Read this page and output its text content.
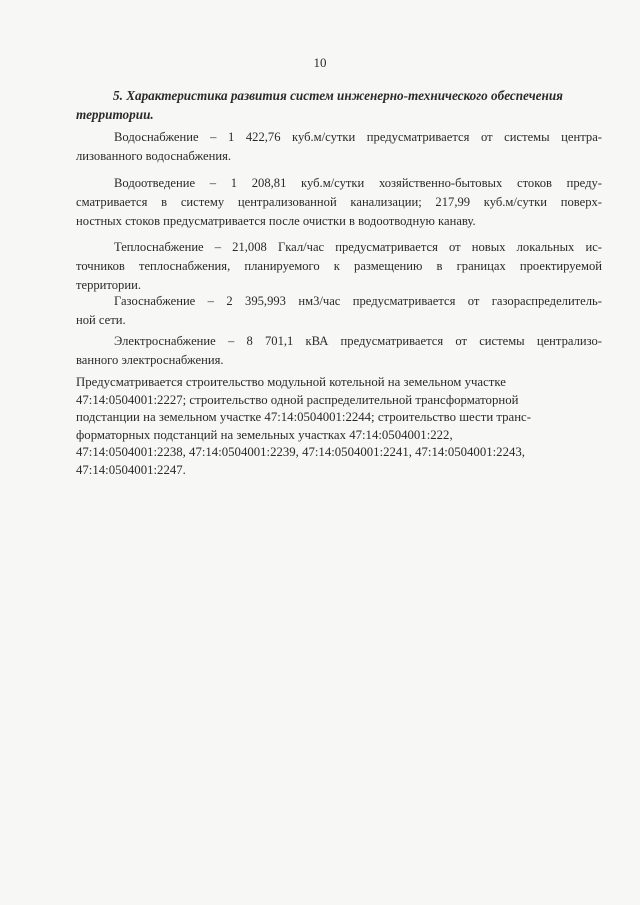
10
5. Характеристика развития систем инженерно-технического обеспечения
территории.

Водоснабжение – 1 422,76 куб.м/сутки предусматривается от системы центра-
лизованного водоснабжения.

Водоотведение – 1 208,81 куб.м/сутки хозяйственно-бытовых стоков преду-
сматривается в систему централизованной канализации; 217,99 куб.м/сутки поверх-
ностных стоков предусматривается после очистки в водоотводную канаву.

Теплоснабжение – 21,008 Гкал/час предусматривается от новых локальных ис-
точников теплоснабжения, планируемого к размещению в границах проектируемой
территории.

Газоснабжение – 2 395,993 нм3/час предусматривается от газораспределитель-
ной сети.

Электроснабжение – 8 701,1 кВА предусматривается от системы централизо-
ванного электроснабжения.

Предусматривается строительство модульной котельной на земельном участке
47:14:0504001:2227; строительство одной распределительной трансформаторной
подстанции на земельном участке 47:14:0504001:2244; строительство шести транс-
форматорных подстанций на земельных участках 47:14:0504001:222,
47:14:0504001:2238, 47:14:0504001:2239, 47:14:0504001:2241, 47:14:0504001:2243,
47:14:0504001:2247.
